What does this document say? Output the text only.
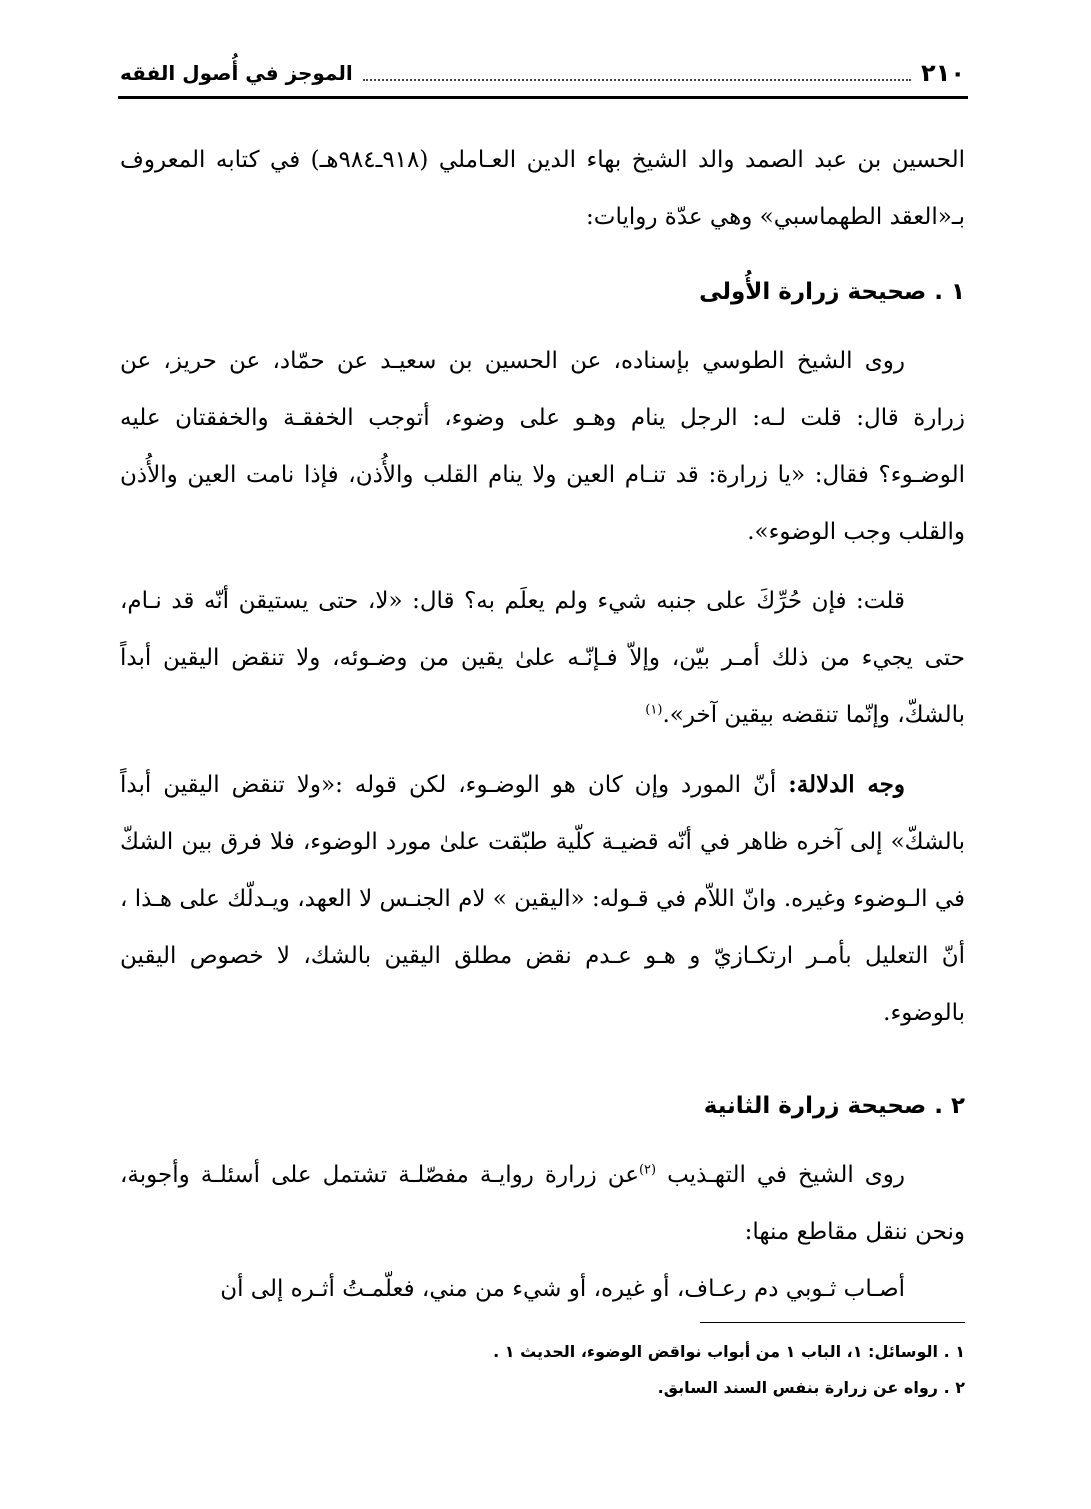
٢١٠
الموجز في أُصول الفقه

الحسين بن عبد الصمد والد الشيخ بهاء الدين العـاملي (٩١٨ـ٩٨٤هـ) في كتابه المعروف بـ«العقد الطهماسبي» وهي عدّة روايات:

١ . صحيحة زرارة الأُولى

روى الشيخ الطوسي بإسناده، عن الحسين بن سعيـد عن حمّاد، عن حريز، عن زرارة قال: قلت لـه: الرجل ينام وهـو على وضوء، أتوجب الخفقـة والخفقتان عليه الوضـوء؟ فقال: «يا زرارة: قد تنـام العين ولا ينام القلب والأُذن، فإذا نامت العين والأُذن والقلب وجب الوضوء».

قلت: فإن حُرِّكَ على جنبه شيء ولم يعلَم به؟ قال: «لا، حتى يستيقن أنّه قد نـام، حتى يجيء من ذلك أمـر بيّن، وإلاّ فـإنّـه علىٰ يقين من وضـوئه، ولا تنقض اليقين أبداً بالشكّ، وإنّما تنقضه بيقين آخر».$^{(١)}$

وجه الدلالة: أنّ المورد وإن كان هو الوضـوء، لكن قوله :«ولا تنقض اليقين أبداً بالشكّ» إلى آخره ظاهر في أنّه قضيـة كلّية طبّقت علىٰ مورد الوضوء، فلا فرق بين الشكّ في الـوضوء وغيره. وانّ اللاّم في قـوله: «اليقين » لام الجنـس لا العهد، ويـدلّك على هـذا ، أنّ التعليل بأمـر ارتكـازيّ و هـو عـدم نقض مطلق اليقين بالشك، لا خصوص اليقين بالوضوء.

٢ . صحيحة زرارة الثانية

روى الشيخ في التهـذيب $^{(٢)}$عن زرارة روايـة مفصّلـة تشتمل على أسئلـة وأجوبة، ونحن ننقل مقاطع منها:

أصـاب ثـوبي دم رعـاف، أو غيره، أو شيء من مني، فعلّمـتُ أثـره إلى أن

١ . الوسائل: ١، الباب ١ من أبواب نواقض الوضوء، الحديث ١ .
٢ . رواه عن زرارة بنفس السند السابق.
